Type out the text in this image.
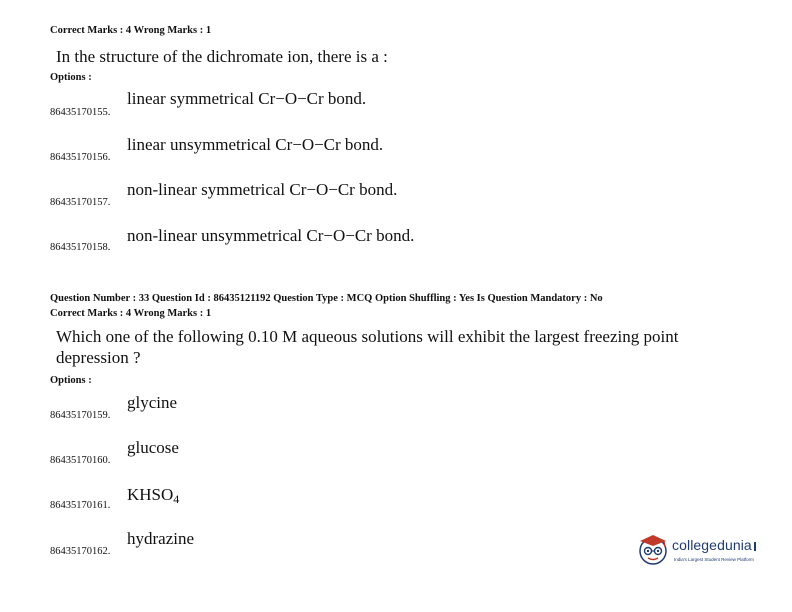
Correct Marks : 4 Wrong Marks : 1
In the structure of the dichromate ion, there is a :
Options :
86435170155.
linear symmetrical Cr−O−Cr bond.
86435170156.
linear unsymmetrical Cr−O−Cr bond.
86435170157.
non-linear symmetrical Cr−O−Cr bond.
86435170158.
non-linear unsymmetrical Cr−O−Cr bond.
Question Number : 33 Question Id : 86435121192 Question Type : MCQ Option Shuffling : Yes Is Question Mandatory : No
Correct Marks : 4 Wrong Marks : 1
Which one of the following 0.10 M aqueous solutions will exhibit the largest freezing point
depression ?
Options :
86435170159.
glycine
86435170160.
glucose
86435170161.
$KHSO_4$
86435170162.
hydrazine	collegedunia
India's Largest Student Review Platform
